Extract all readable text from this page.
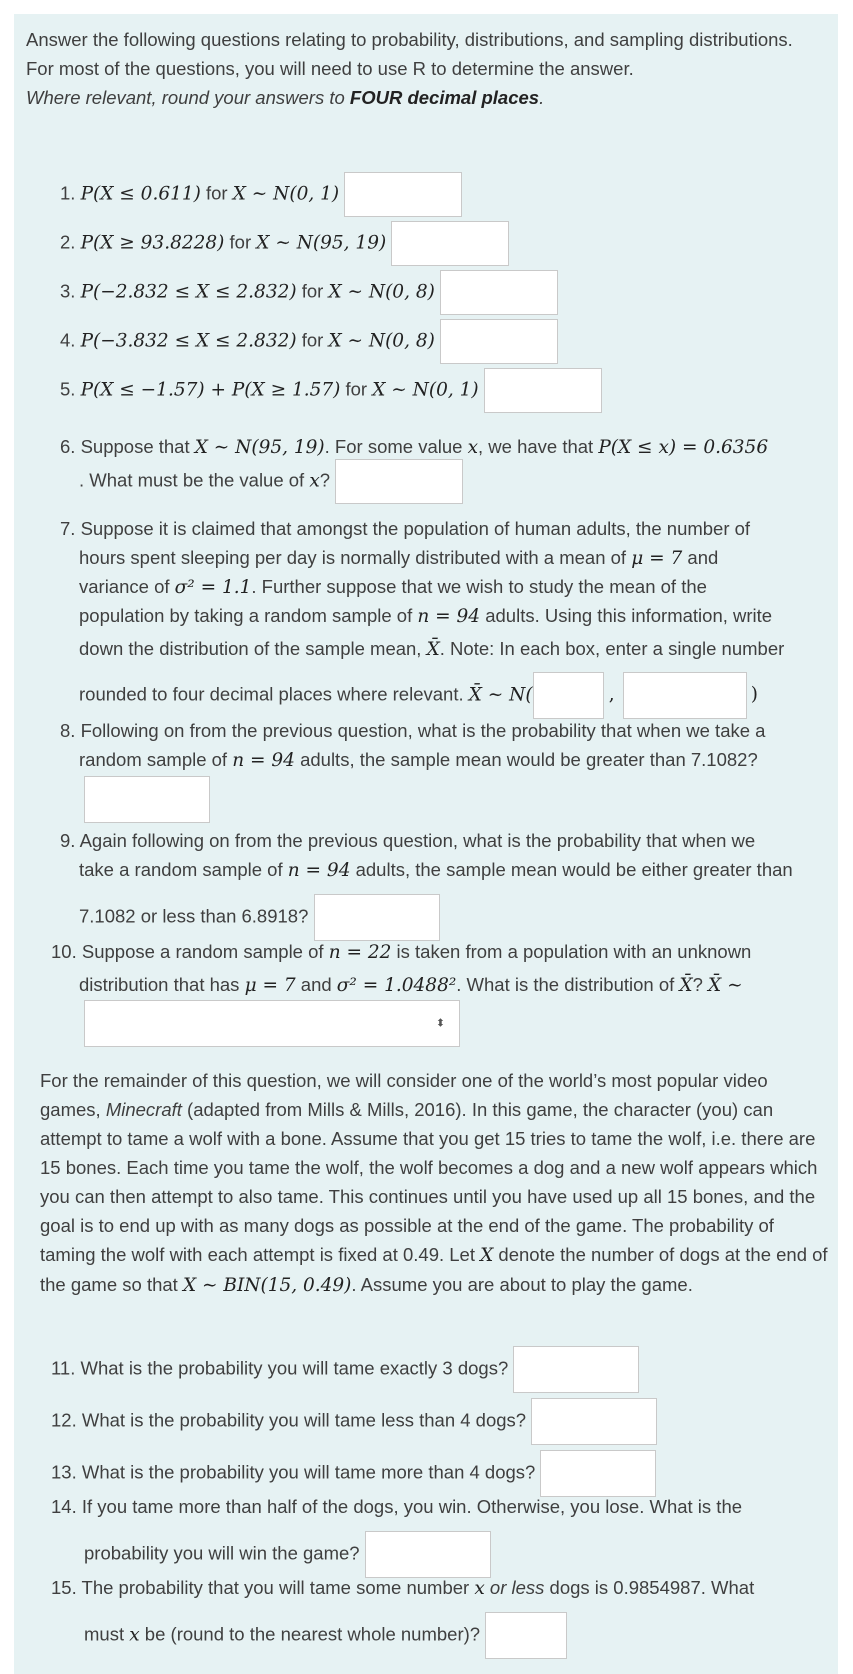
Answer the following questions relating to probability, distributions, and sampling distributions. For most of the questions, you will need to use R to determine the answer.
Where relevant, round your answers to FOUR decimal places.
1. P(X ≤ 0.611) for X ∼ N(0, 1)
2. P(X ≥ 93.8228) for X ∼ N(95, 19)
3. P(−2.832 ≤ X ≤ 2.832) for X ∼ N(0, 8)
4. P(−3.832 ≤ X ≤ 2.832) for X ∼ N(0, 8)
5. P(X ≤ −1.57) + P(X ≥ 1.57) for X ∼ N(0, 1)
6. Suppose that X ∼ N(95, 19). For some value x, we have that P(X ≤ x) = 0.6356
. What must be the value of x?
7. Suppose it is claimed that amongst the population of human adults, the number of
hours spent sleeping per day is normally distributed with a mean of μ = 7 and
variance of σ² = 1.1. Further suppose that we wish to study the mean of the
population by taking a random sample of n = 94 adults. Using this information, write
down the distribution of the sample mean, X̄. Note: In each box, enter a single number
rounded to four decimal places where relevant. X̄ ∼ N(	,	)
8. Following on from the previous question, what is the probability that when we take a
random sample of n = 94 adults, the sample mean would be greater than 7.1082?
9. Again following on from the previous question, what is the probability that when we
take a random sample of n = 94 adults, the sample mean would be either greater than
7.1082 or less than 6.8918?
10. Suppose a random sample of n = 22 is taken from a population with an unknown
distribution that has μ = 7 and σ² = 1.0488². What is the distribution of X̄? X̄ ∼
⬍
For the remainder of this question, we will consider one of the world’s most popular video games, Minecraft (adapted from Mills & Mills, 2016). In this game, the character (you) can attempt to tame a wolf with a bone. Assume that you get 15 tries to tame the wolf, i.e. there are 15 bones. Each time you tame the wolf, the wolf becomes a dog and a new wolf appears which you can then attempt to also tame. This continues until you have used up all 15 bones, and the goal is to end up with as many dogs as possible at the end of the game. The probability of taming the wolf with each attempt is fixed at 0.49. Let X denote the number of dogs at the end of the game so that X ∼ BIN(15, 0.49). Assume you are about to play the game.
11. What is the probability you will tame exactly 3 dogs?
12. What is the probability you will tame less than 4 dogs?
13. What is the probability you will tame more than 4 dogs?
14. If you tame more than half of the dogs, you win. Otherwise, you lose. What is the
probability you will win the game?
15. The probability that you will tame some number x or less dogs is 0.9854987. What
must x be (round to the nearest whole number)?
